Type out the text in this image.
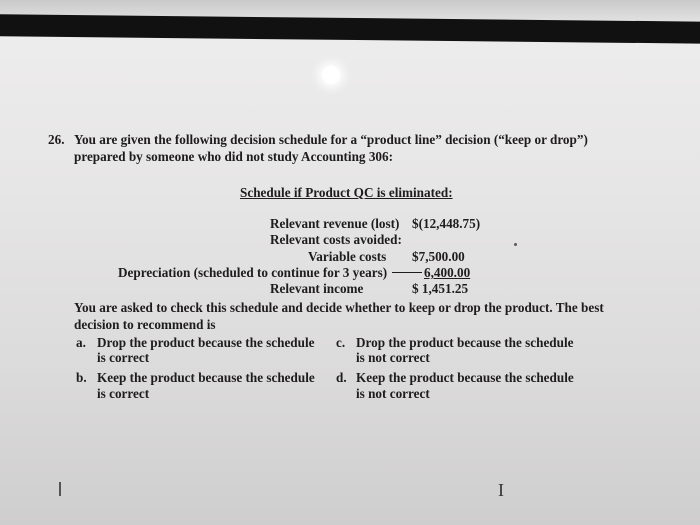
26. You are given the following decision schedule for a “product line” decision (“keep or drop”)
prepared by someone who did not study Accounting 306:
Schedule if Product QC is eliminated:
Relevant revenue (lost) $(12,448.75)
Relevant costs avoided:
Variable costs $7,500.00
Depreciation (scheduled to continue for 3 years)	6,400.00
Relevant income	$ 1,451.25
You are asked to check this schedule and decide whether to keep or drop the product. The best
decision to recommend is
a. Drop the product because the schedule
is correct
c. Drop the product because the schedule
is not correct
b. Keep the product because the schedule
is correct
d. Keep the product because the schedule
is not correct
I
